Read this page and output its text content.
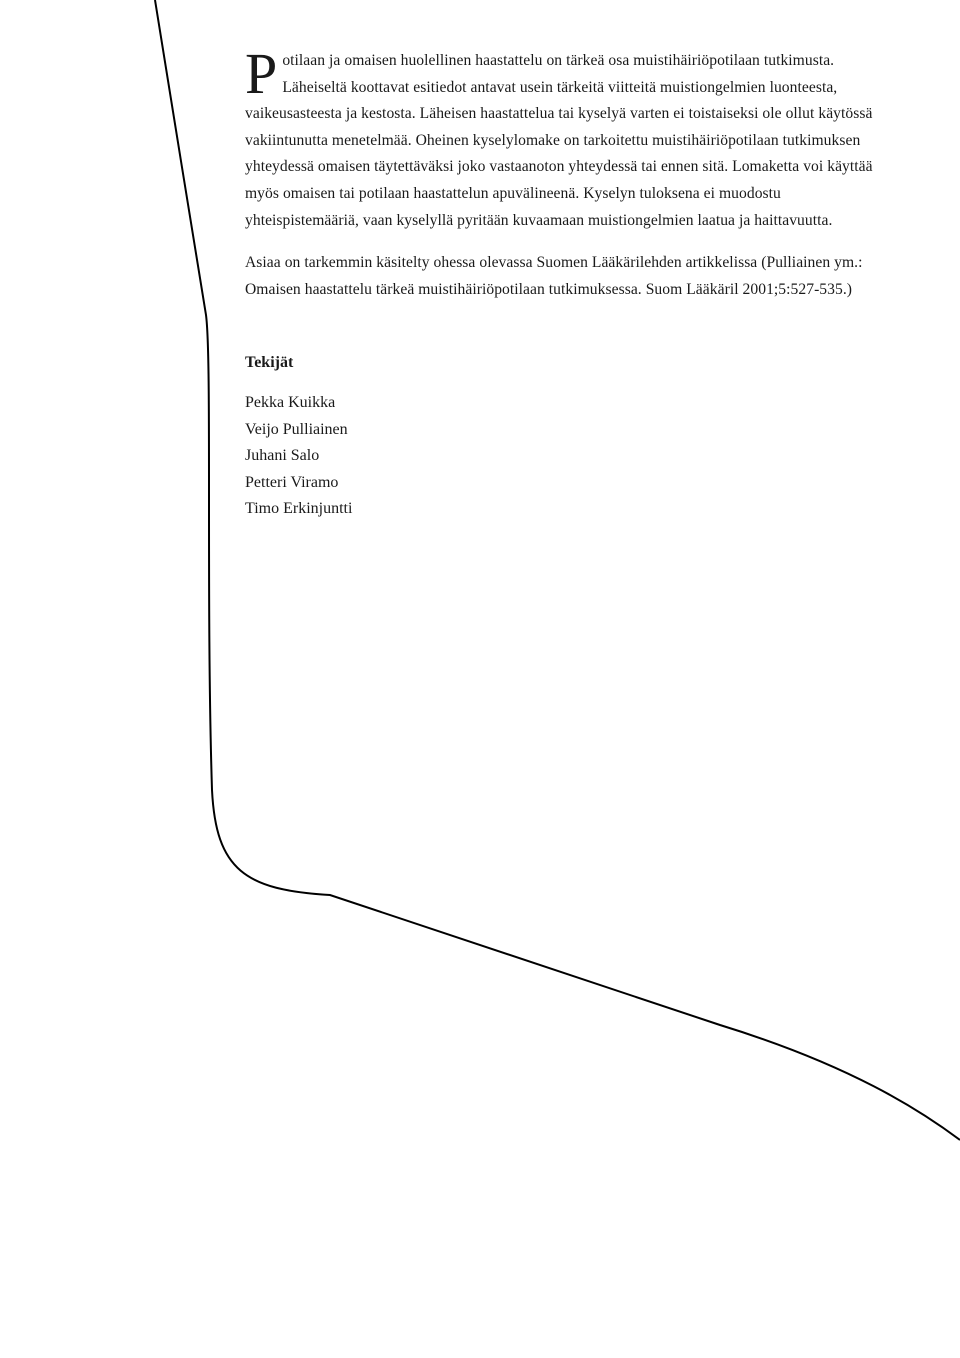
Potilaan ja omaisen huolellinen haastattelu on tärkeä osa muistihäiriöpotilaan tutkimusta. Läheiseltä koottavat esitiedot antavat usein tärkeitä viitteitä muistiongelmien luonteesta, vaikeusasteesta ja kestosta. Läheisen haastattelua tai kyselyä varten ei toistaiseksi ole ollut käytössä vakiintunutta menetelmää. Oheinen kyselylomake on tarkoitettu muistihäiriöpotilaan tutkimuksen yhteydessä omaisen täytettäväksi joko vastaanoton yhteydessä tai ennen sitä. Lomaketta voi käyttää myös omaisen tai potilaan haastattelun apuvälineenä. Kyselyn tuloksena ei muodostu yhteispistemääriä, vaan kyselyllä pyritään kuvaamaan muistiongelmien laatua ja haittavuutta.

Asiaa on tarkemmin käsitelty ohessa olevassa Suomen Lääkärilehden artikkelissa (Pulliainen ym.: Omaisen haastattelu tärkeä muistihäiriöpotilaan tutkimuksessa. Suom Lääkäril 2001;5:527-535.)

Tekijät
Pekka Kuikka
Veijo Pulliainen
Juhani Salo
Petteri Viramo
Timo Erkinjuntti
